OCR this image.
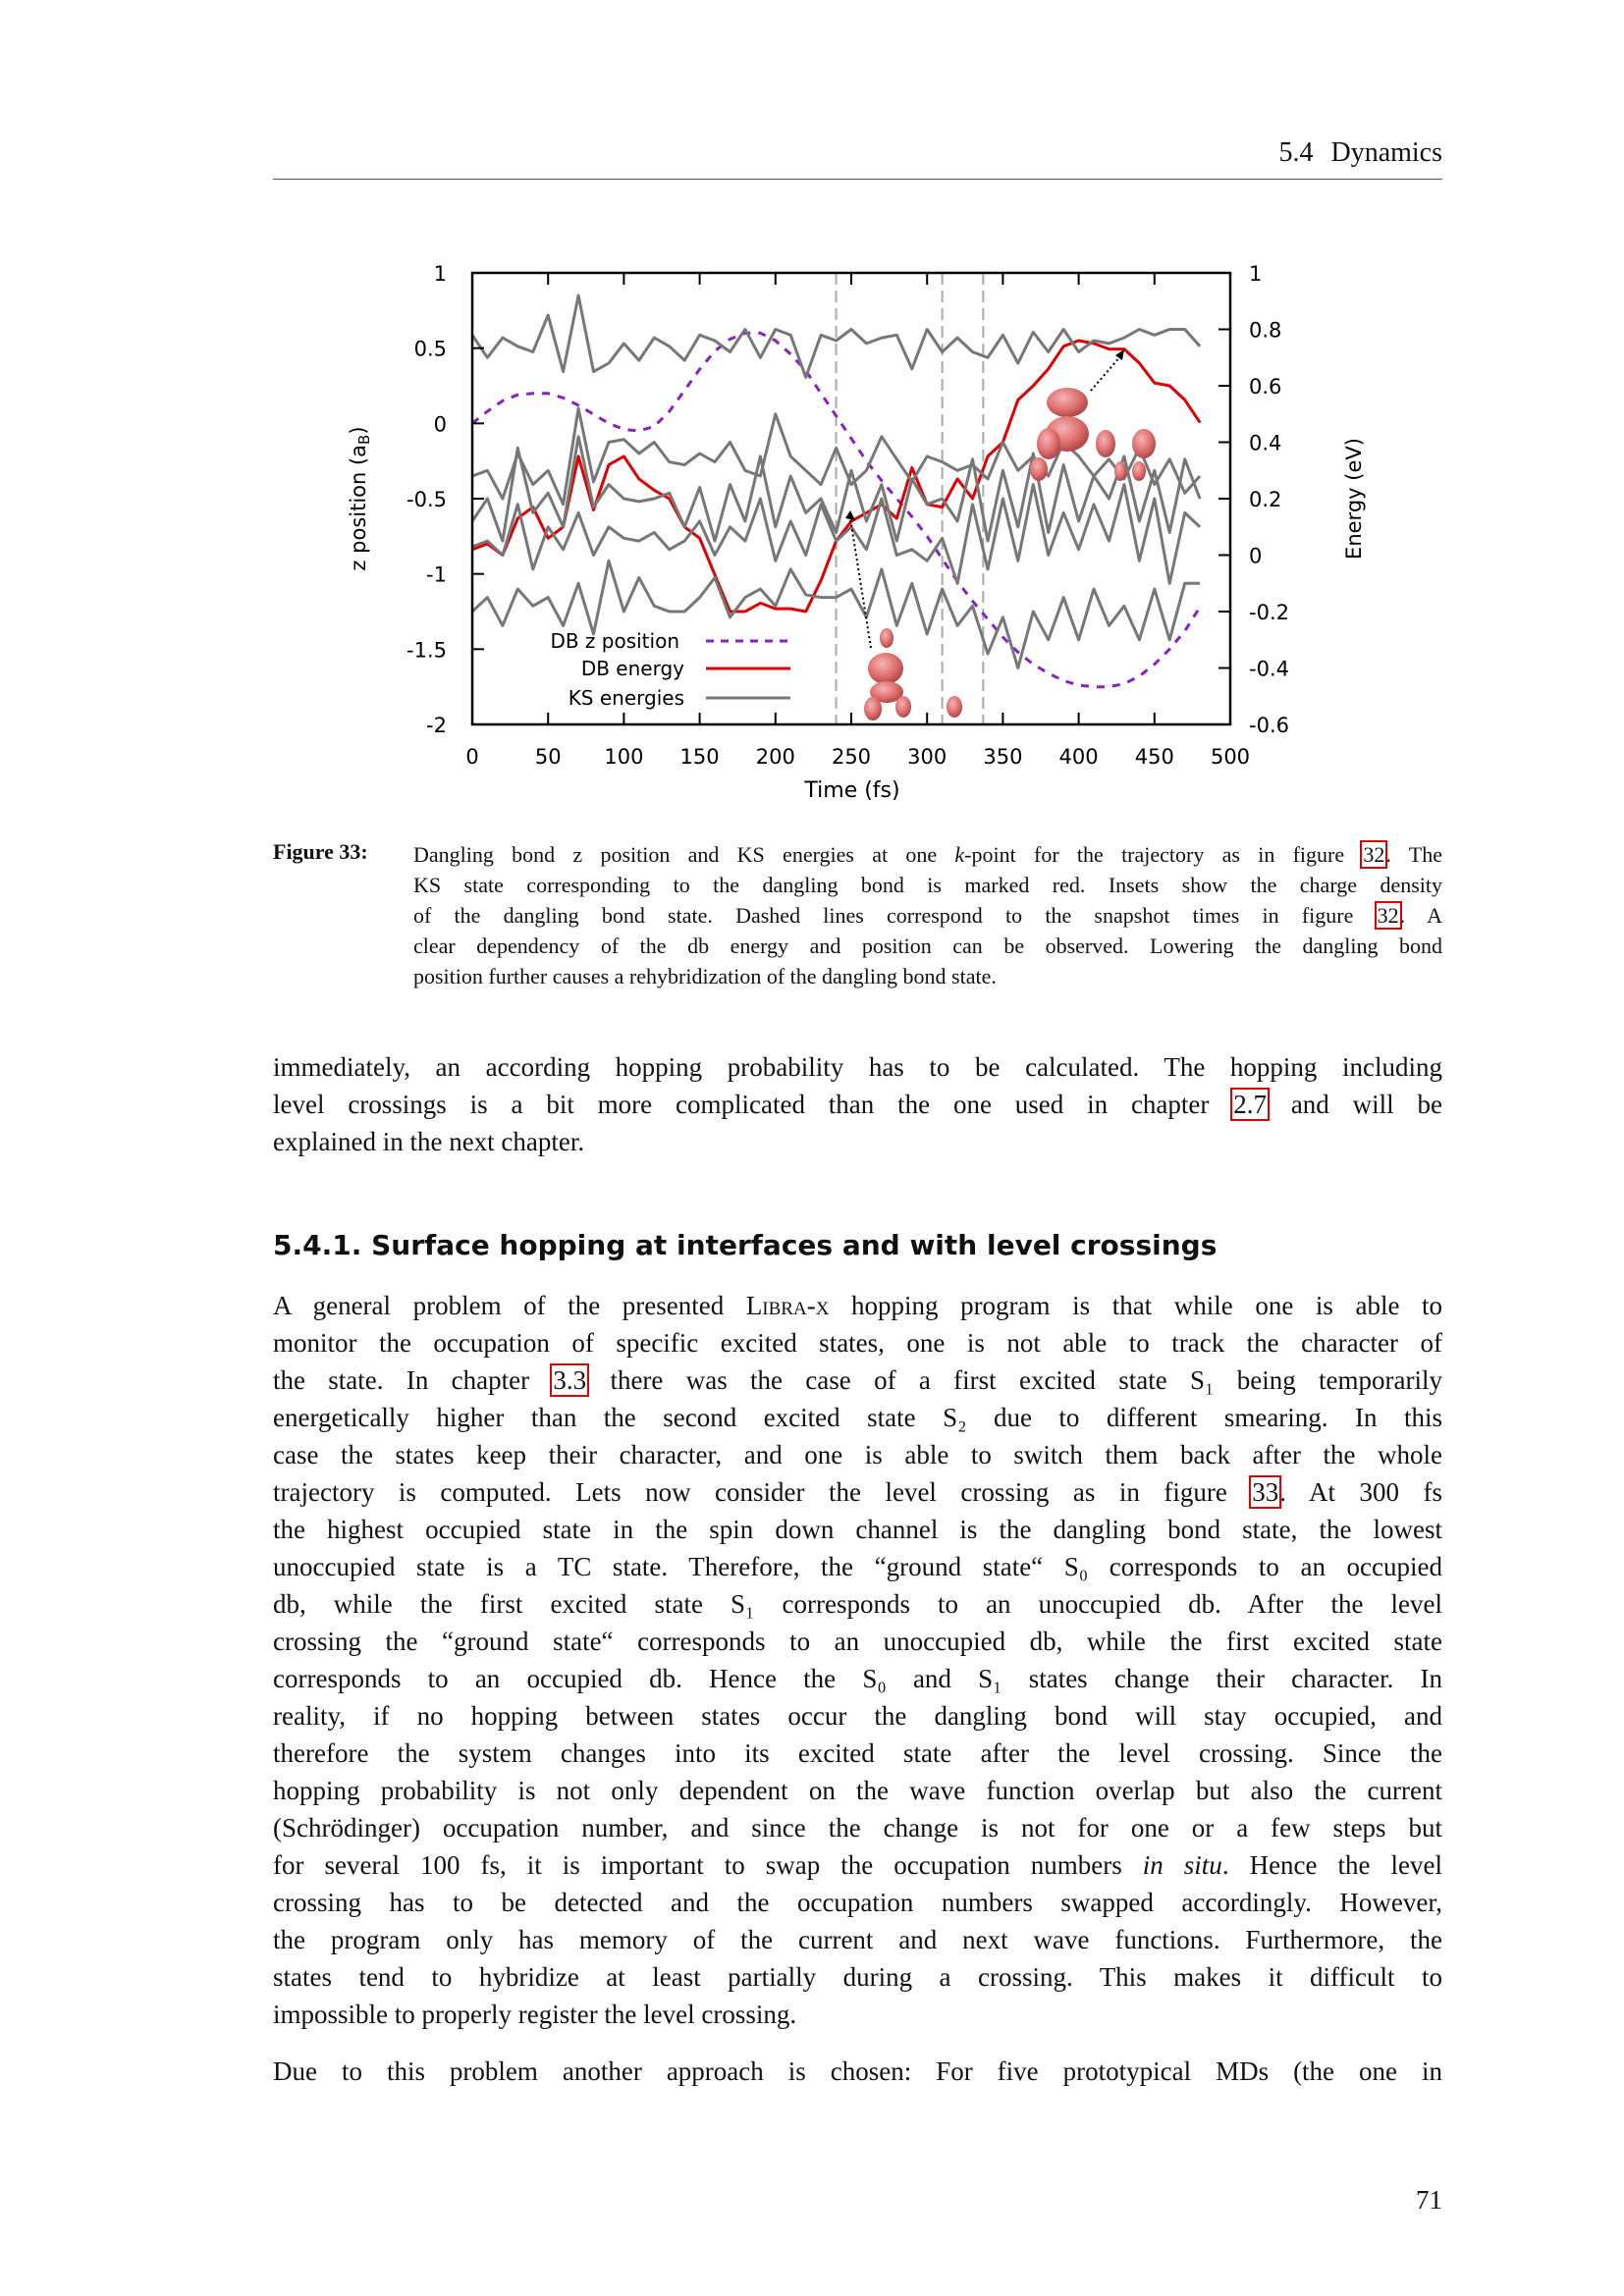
5.4 Dynamics
0	50 100 150 200 250 300 350 400 450 500
1
0.5
0
-0.5
-1
-1.5
-2
1
0.8
0.6
0.4
0.2
0
-0.2
-0.4
-0.6
Time (fs)
z position (aB)
Energy (eV)
DB z position
DB energy
KS energies
Figure 33: Dangling bond z position and KS energies at one k-point for the trajectory as in figure 32. The
KS state corresponding to the dangling bond is marked red. Insets show the charge density
of the dangling bond state. Dashed lines correspond to the snapshot times in figure 32. A
clear dependency of the db energy and position can be observed. Lowering the dangling bond
position further causes a rehybridization of the dangling bond state.
immediately, an according hopping probability has to be calculated. The hopping including
level crossings is a bit more complicated than the one used in chapter 2.7 and will be
explained in the next chapter.
5.4.1. Surface hopping at interfaces and with level crossings
A general problem of the presented Libra-x hopping program is that while one is able to
monitor the occupation of specific excited states, one is not able to track the character of
the state. In chapter 3.3 there was the case of a first excited state S₁ being temporarily
energetically higher than the second excited state S₂ due to different smearing. In this
case the states keep their character, and one is able to switch them back after the whole
trajectory is computed. Lets now consider the level crossing as in figure 33. At 300 fs
the highest occupied state in the spin down channel is the dangling bond state, the lowest
unoccupied state is a TC state. Therefore, the “ground state“ S₀ corresponds to an occupied
db, while the first excited state S₁ corresponds to an unoccupied db. After the level
crossing the “ground state“ corresponds to an unoccupied db, while the first excited state
corresponds to an occupied db. Hence the S₀ and S₁ states change their character. In
reality, if no hopping between states occur the dangling bond will stay occupied, and
therefore the system changes into its excited state after the level crossing. Since the
hopping probability is not only dependent on the wave function overlap but also the current
(Schrödinger) occupation number, and since the change is not for one or a few steps but
for several 100 fs, it is important to swap the occupation numbers in situ. Hence the level
crossing has to be detected and the occupation numbers swapped accordingly. However,
the program only has memory of the current and next wave functions. Furthermore, the
states tend to hybridize at least partially during a crossing. This makes it difficult to
impossible to properly register the level crossing.
Due to this problem another approach is chosen: For five prototypical MDs (the one in
71
